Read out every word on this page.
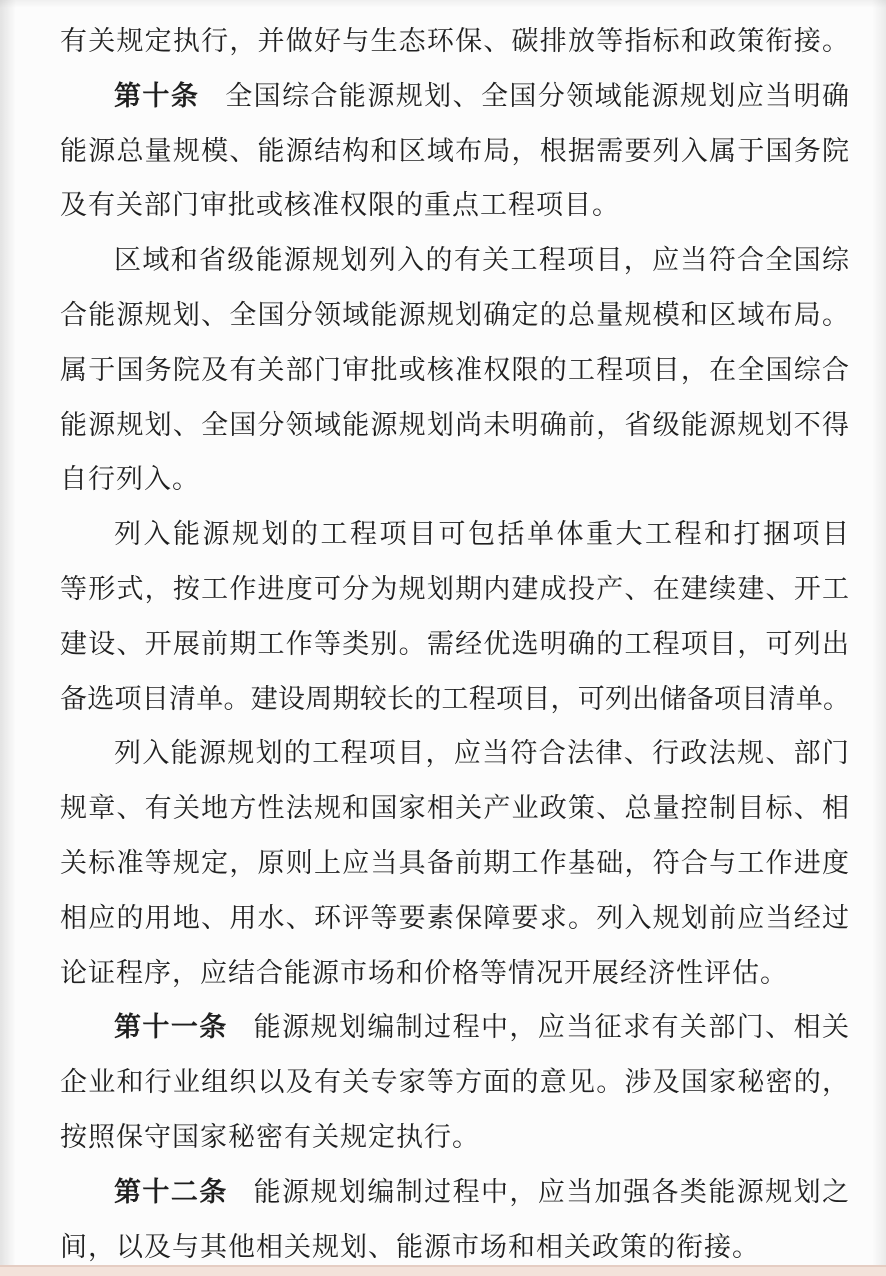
有关规定执行，并做好与生态环保、碳排放等指标和政策衔接。
第十条 全国综合能源规划、全国分领域能源规划应当明确
能源总量规模、能源结构和区域布局，根据需要列入属于国务院
及有关部门审批或核准权限的重点工程项目。
区域和省级能源规划列入的有关工程项目，应当符合全国综
合能源规划、全国分领域能源规划确定的总量规模和区域布局。
属于国务院及有关部门审批或核准权限的工程项目，在全国综合
能源规划、全国分领域能源规划尚未明确前，省级能源规划不得
自行列入。
列入能源规划的工程项目可包括单体重大工程和打捆项目
等形式，按工作进度可分为规划期内建成投产、在建续建、开工
建设、开展前期工作等类别。需经优选明确的工程项目，可列出
备选项目清单。建设周期较长的工程项目，可列出储备项目清单。
列入能源规划的工程项目，应当符合法律、行政法规、部门
规章、有关地方性法规和国家相关产业政策、总量控制目标、相
关标准等规定，原则上应当具备前期工作基础，符合与工作进度
相应的用地、用水、环评等要素保障要求。列入规划前应当经过
论证程序，应结合能源市场和价格等情况开展经济性评估。
第十一条 能源规划编制过程中，应当征求有关部门、相关
企业和行业组织以及有关专家等方面的意见。涉及国家秘密的，
按照保守国家秘密有关规定执行。
第十二条 能源规划编制过程中，应当加强各类能源规划之
间，以及与其他相关规划、能源市场和相关政策的衔接。
